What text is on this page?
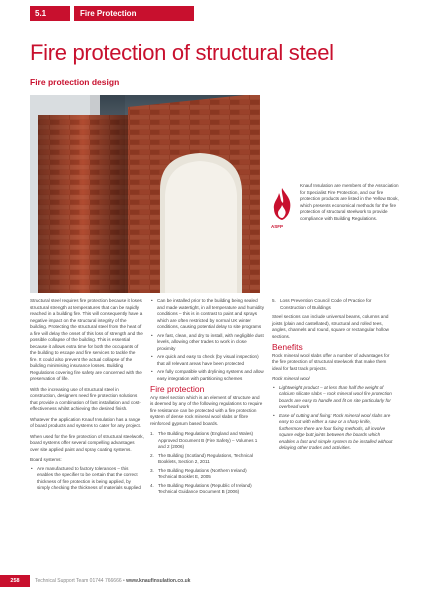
5.1	Fire Protection
Fire protection of structural steel
Fire protection design
ASFP
Knauf Insulation are members of the Association for Specialist Fire Protection, and our fire protection products are listed in the Yellow Book, which presents economical methods for the fire protection of structural steelwork to provide compliance with Building Regulations.

Structural steel requires fire protection because it loses structural strength at temperatures that can be rapidly reached in a building fire. This will consequently have a negative impact on the structural integrity of the building. Protecting the structural steel from the heat of a fire will delay the onset of this loss of strength and the possible collapse of the building. This is essential because it allows extra time for both the occupants of the building to escape and fire services to tackle the fire. It could also prevent the actual collapse of the building minimising insurance losses. Building Regulations covering fire safety are concerned with the preservation of life.

With the increasing use of structural steel in construction, designers need fire protection solutions that provide a combination of fast installation and cost-effectiveness whilst achieving the desired finish.

Whatever the application Knauf Insulation has a range of board products and systems to cater for any project.

When used for the fire protection of structural steelwork, board systems offer several compelling advantages over site applied paint and spray coating systems.

Board systems:

• Are manufactured to factory tolerances – this enables the specifier to be certain that the correct thickness of fire protection is being applied, by simply checking the thickness of materials supplied
• Can be installed prior to the building being sealed and made watertight, in all temperature and humidity conditions – this is in contrast to paint and sprays which are often restricted by normal UK winter conditions, causing potential delay to site programs
• Are fast, clean, and dry to install, with negligible dust levels, allowing other trades to work in close proximity
• Are quick and easy to check (by visual inspection) that all relevant areas have been protected
• Are fully compatible with drylining systems and allow easy integration with partitioning schemes
Fire protection

Any steel section which is an element of structure and is deemed by any of the following regulations to require fire resistance can be protected with a fire protection system of dense rock mineral wool slabs or fibre reinforced gypsum based boards.

1. The Building Regulations (England and Wales) Approved Document B (Fire Safety) – Volumes 1 and 2 (2006)
2. The Building (Scotland) Regulations, Technical Booklets, Section 2, 2011
3. The Building Regulations (Northern Ireland) Technical Booklet E, 2005
4. The Building Regulations (Republic of Ireland) Technical Guidance Document B (2006)
5. Loss Prevention Council Code of Practice for Construction of Buildings

Steel sections can include universal beams, columns and joists (plain and castellated), structural and rolled tees, angles, channels and round, square or rectangular hollow sections.

Benefits

Rock mineral wool slabs offer a number of advantages for the fire protection of structural steelwork that make them ideal for fast track projects.

Rock mineral wool

• Lightweight product – at less than half the weight of calcium silicate slabs – rock mineral wool fire protection boards are easy to handle and fit on site particularly for overhead work
• Ease of cutting and fixing: Rock mineral wool slabs are easy to cut with either a saw or a sharp knife, furthermore there are four fixing methods, all involve square edge butt joints between the boards which enables a fast and simple system to be installed without delaying other trades and activities.
258	Technical Support Team 01744 766666 • www.knaufinsulation.co.uk
